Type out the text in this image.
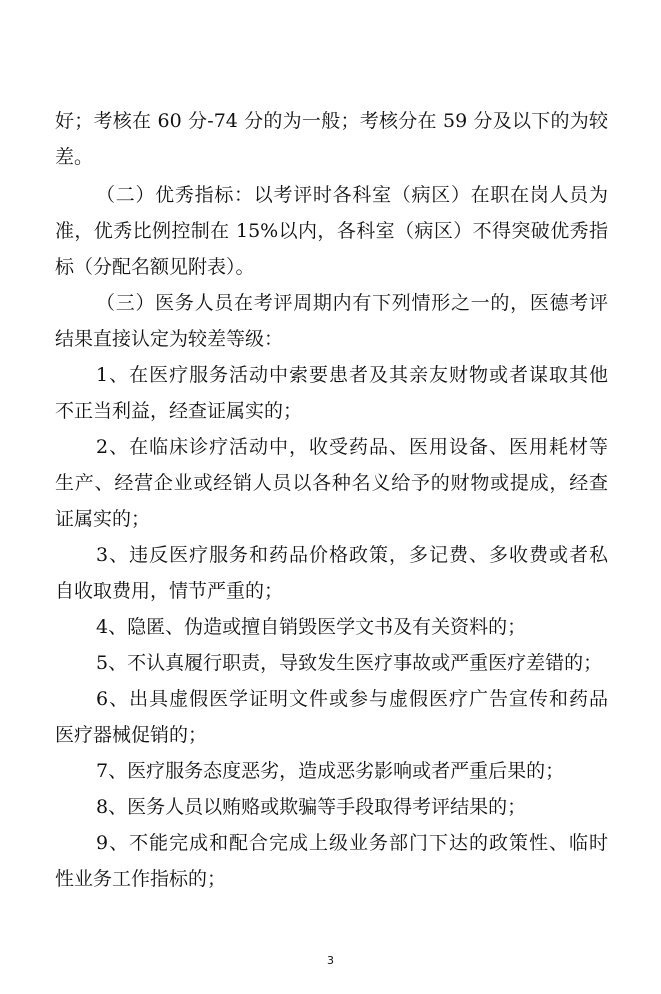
好；考核在 60 分-74 分的为一般；考核分在 59 分及以下的为较
差。
（二）优秀指标：以考评时各科室（病区）在职在岗人员为
准，优秀比例控制在 15%以内，各科室（病区）不得突破优秀指
标（分配名额见附表）。
（三）医务人员在考评周期内有下列情形之一的，医德考评
结果直接认定为较差等级：
1、在医疗服务活动中索要患者及其亲友财物或者谋取其他
不正当利益，经查证属实的；
2、在临床诊疗活动中，收受药品、医用设备、医用耗材等
生产、经营企业或经销人员以各种名义给予的财物或提成，经查
证属实的；
3、违反医疗服务和药品价格政策，多记费、多收费或者私
自收取费用，情节严重的；
4、隐匿、伪造或擅自销毁医学文书及有关资料的；
5、不认真履行职责，导致发生医疗事故或严重医疗差错的；
6、出具虚假医学证明文件或参与虚假医疗广告宣传和药品
医疗器械促销的；
7、医疗服务态度恶劣，造成恶劣影响或者严重后果的；
8、医务人员以贿赂或欺骗等手段取得考评结果的；
9、不能完成和配合完成上级业务部门下达的政策性、临时
性业务工作指标的；
3
